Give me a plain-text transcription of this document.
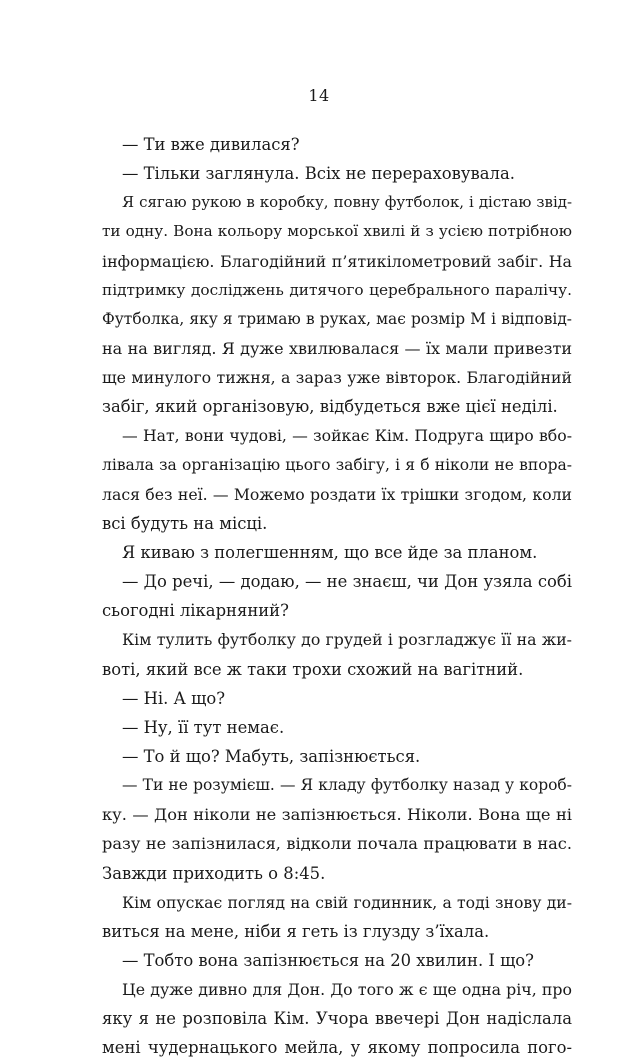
14
— Ти вже дивилася?
— Тільки заглянула. Всіх не перераховувала.
Я сягаю рукою в коробку, повну футболок, і дістаю звід-
ти одну. Вона кольору морської хвилі й з усією потрібною
інформацією. Благодійний п’ятикілометровий забіг. На
підтримку досліджень дитячого церебрального паралічу.
Футболка, яку я тримаю в руках, має розмір М і відповід-
на на вигляд. Я дуже хвилювалася — їх мали привезти
ще минулого тижня, а зараз уже вівторок. Благодійний
забіг, який організовую, відбудеться вже цієї неділі.
— Нат, вони чудові, — зойкає Кім. Подруга щиро вбо-
лівала за організацію цього забігу, і я б ніколи не впора-
лася без неї. — Можемо роздати їх трішки згодом, коли
всі будуть на місці.
Я киваю з полегшенням, що все йде за планом.
— До речі, — додаю, — не знаєш, чи Дон узяла собі
сьогодні лікарняний?
Кім тулить футболку до грудей і розгладжує її на жи-
воті, який все ж таки трохи схожий на вагітний.
— Ні. А що?
— Ну, її тут немає.
— То й що? Мабуть, запізнюється.
— Ти не розумієш. — Я кладу футболку назад у короб-
ку. — Дон ніколи не запізнюється. Ніколи. Вона ще ні
разу не запізнилася, відколи почала працювати в нас.
Завжди приходить о 8:45.
Кім опускає погляд на свій годинник, а тоді знову ди-
виться на мене, ніби я геть із глузду з’їхала.
— Тобто вона запізнюється на 20 хвилин. І що?
Це дуже дивно для Дон. До того ж є ще одна річ, про
яку я не розповіла Кім. Учора ввечері Дон надіслала
мені чудернацького мейла, у якому попросила пого-
